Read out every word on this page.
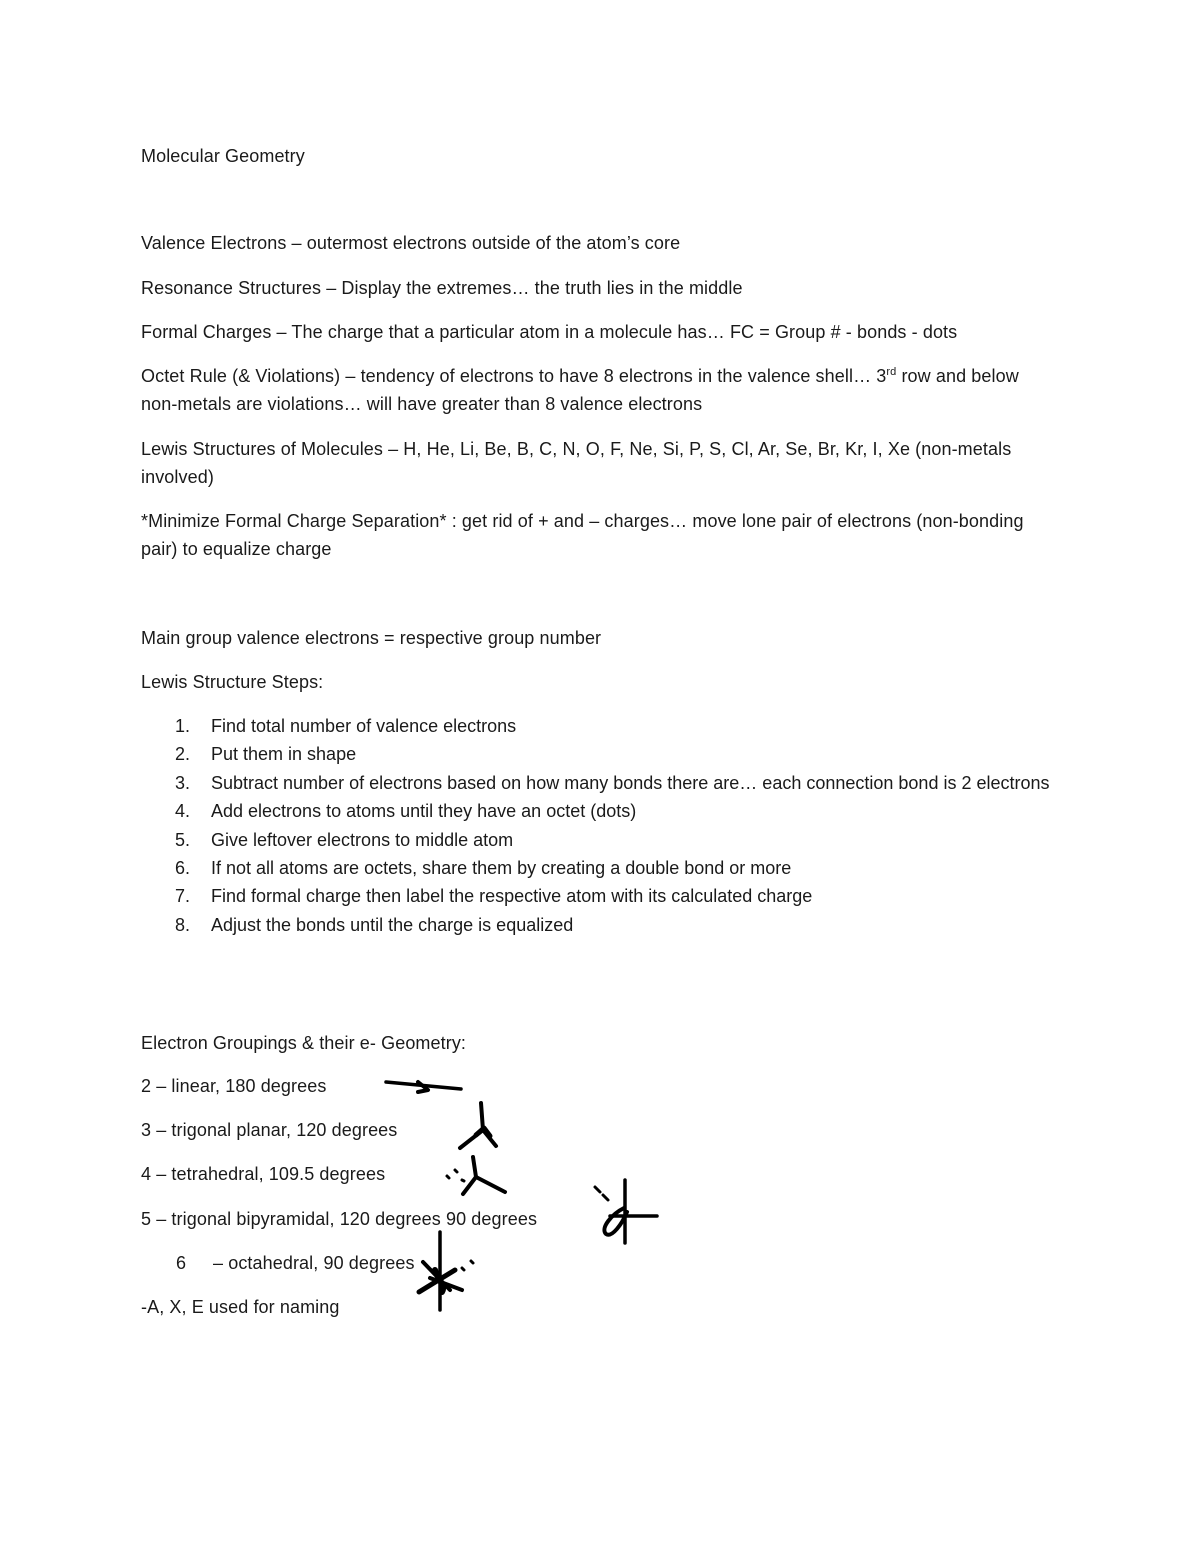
Molecular Geometry
Valence Electrons – outermost electrons outside of the atom’s core
Resonance Structures – Display the extremes… the truth lies in the middle
Formal Charges – The charge that a particular atom in a molecule has… FC = Group # - bonds - dots
Octet Rule (& Violations) – tendency of electrons to have 8 electrons in the valence shell… 3rd row and below non-metals are violations… will have greater than 8 valence electrons
Lewis Structures of Molecules – H, He, Li, Be, B, C, N, O, F, Ne, Si, P, S, Cl, Ar, Se, Br, Kr, I, Xe (non-metals involved)
*Minimize Formal Charge Separation* : get rid of + and – charges… move lone pair of electrons (non-bonding pair) to equalize charge
Main group valence electrons = respective group number
Lewis Structure Steps:
1. Find total number of valence electrons
2. Put them in shape
3. Subtract number of electrons based on how many bonds there are… each connection bond is 2 electrons
4. Add electrons to atoms until they have an octet (dots)
5. Give leftover electrons to middle atom
6. If not all atoms are octets, share them by creating a double bond or more
7. Find formal charge then label the respective atom with its calculated charge
8. Adjust the bonds until the charge is equalized
Electron Groupings & their e- Geometry:
2 – linear, 180 degrees
3 – trigonal planar, 120 degrees
4 – tetrahedral, 109.5 degrees
5 – trigonal bipyramidal, 120 degrees 90 degrees
6 – octahedral, 90 degrees
-A, X, E used for naming
